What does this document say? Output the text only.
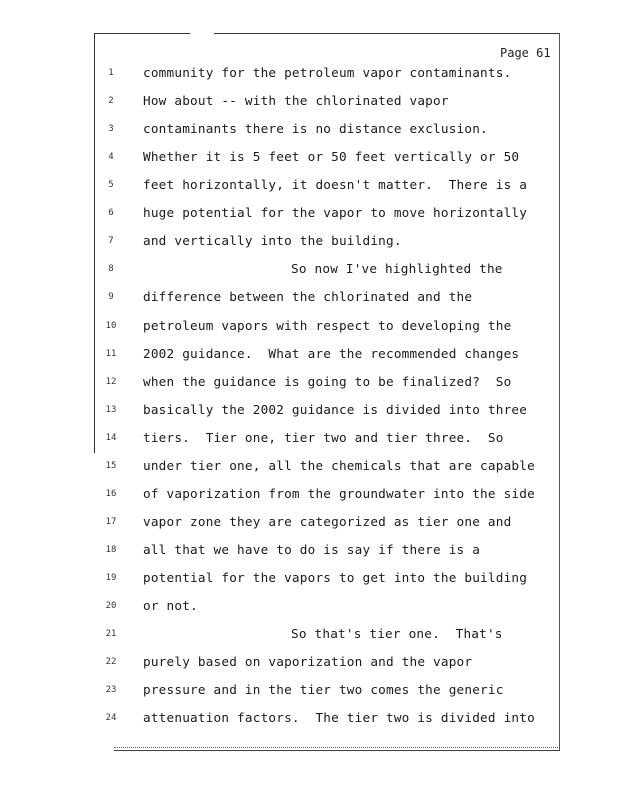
Page 61
1	community for the petroleum vapor contaminants.
2	How about -- with the chlorinated vapor
3	contaminants there is no distance exclusion.
4	Whether it is 5 feet or 50 feet vertically or 50
5	feet horizontally, it doesn't matter.  There is a
6	huge potential for the vapor to move horizontally
7	and vertically into the building.
8	So now I've highlighted the
9	difference between the chlorinated and the
10	petroleum vapors with respect to developing the
11	2002 guidance.  What are the recommended changes
12	when the guidance is going to be finalized?  So
13	basically the 2002 guidance is divided into three
14	tiers.  Tier one, tier two and tier three.  So
15	under tier one, all the chemicals that are capable
16	of vaporization from the groundwater into the side
17	vapor zone they are categorized as tier one and
18	all that we have to do is say if there is a
19	potential for the vapors to get into the building
20	or not.
21	So that's tier one.  That's
22	purely based on vaporization and the vapor
23	pressure and in the tier two comes the generic
24	attenuation factors.  The tier two is divided into
